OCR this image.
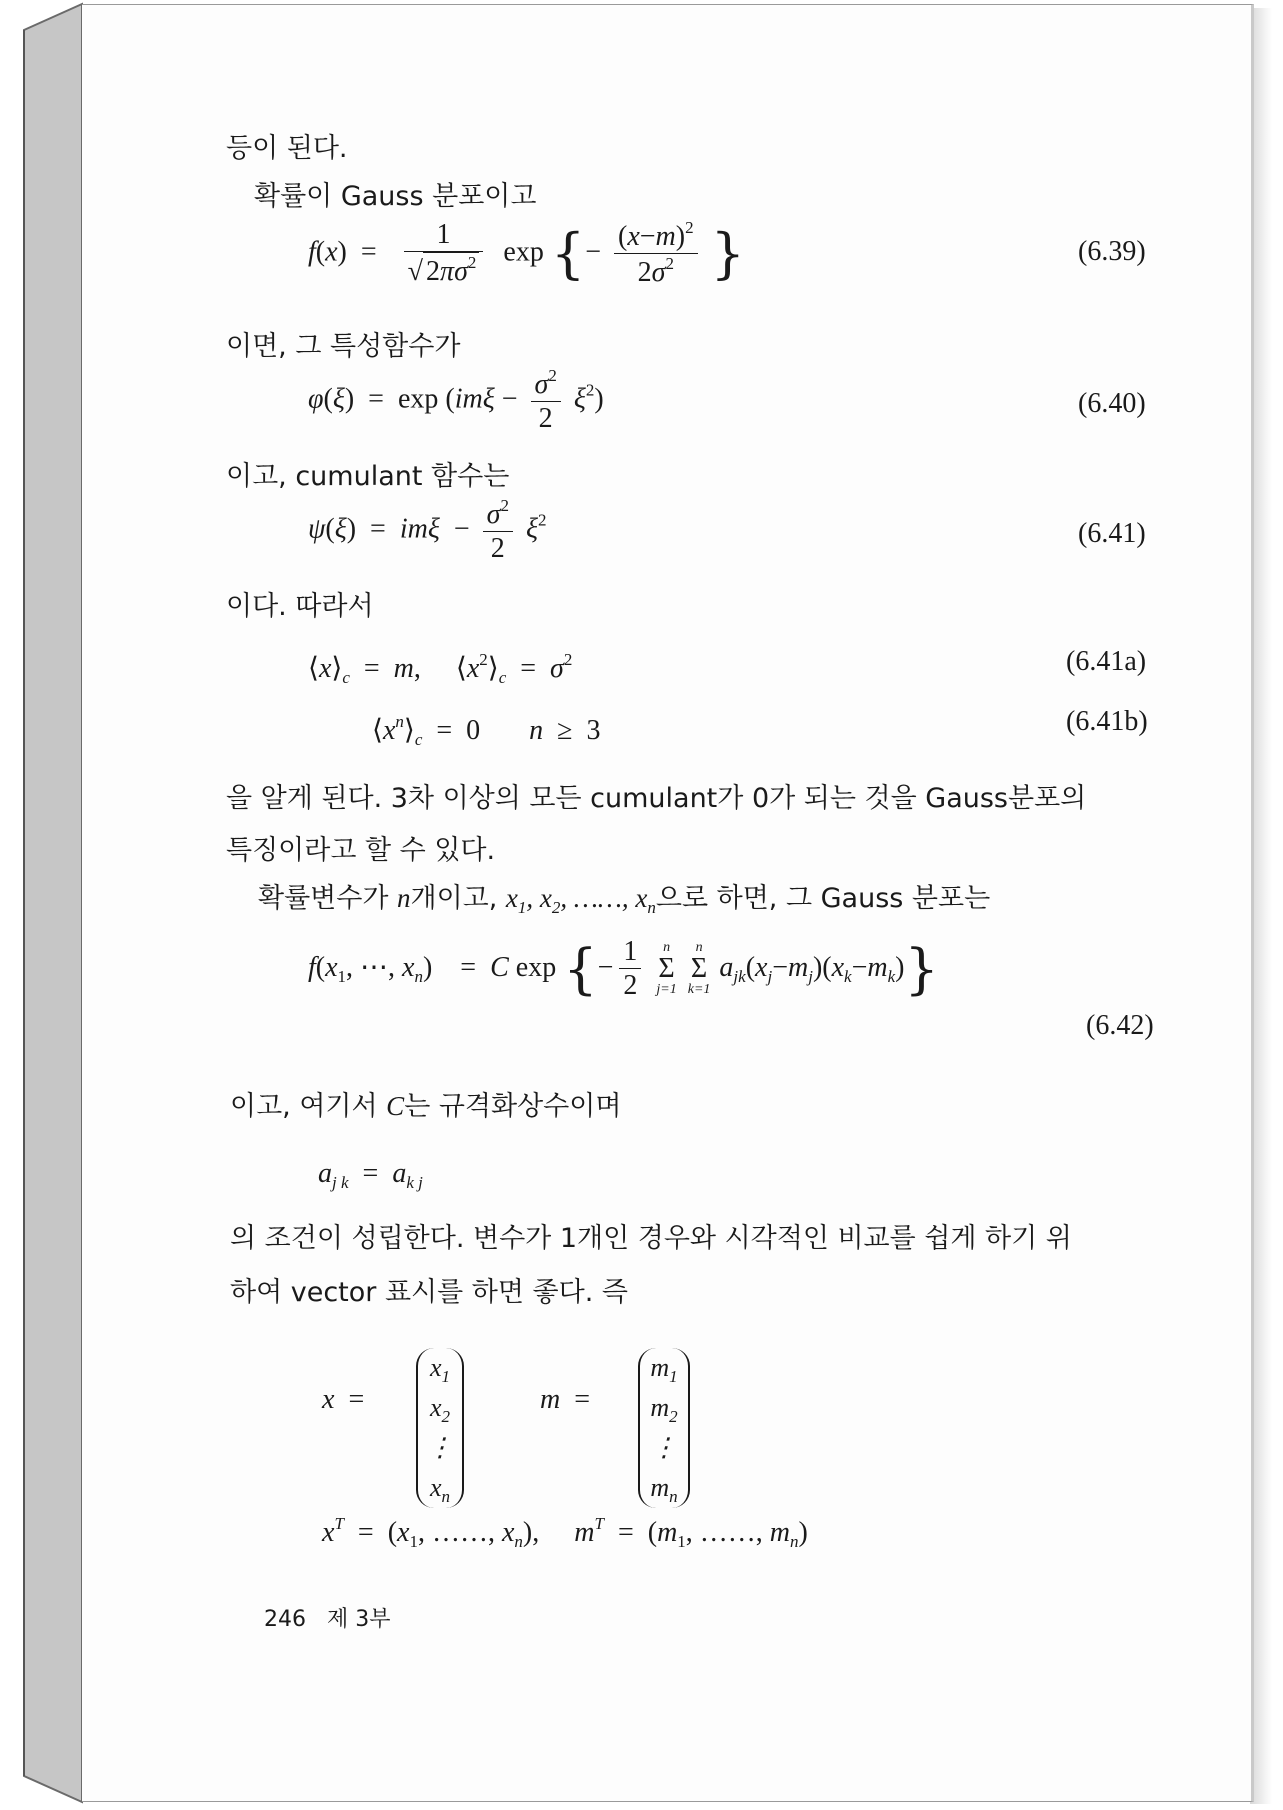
등이 된다.
확률이 Gauss 분포이고
$f(x) = \frac{1}{√ 2\pi\sigma^2}$ exp {− $\frac{(x-m)^2}{2\sigma^2}$ }	(6.39)
이면, 그 특성함수가
$\varphi(\xi) = \exp (im\xi - \frac{\sigma^2}{2} \xi^2)$	(6.40)
이고, cumulant 함수는
$\psi(\xi) = im\xi - \frac{\sigma^2}{2} \xi^2$	(6.41)
이다. 따라서
$⟨x⟩_c = m$,     $⟨x^2⟩_c = \sigma^2$	(6.41a)
$⟨x^n⟩_c = 0$       n  ≥  3	(6.41b)
을 알게 된다. 3차 이상의 모든 cumulant가 0가 되는 것을 Gauss분포의
특징이라고 할 수 있다.
확률변수가 n개이고, $x_1$, $x_2$, ……, $x_n$으로 하면, 그 Gauss 분포는
$f(x_1$, ⋯, $x_n$)    =  C exp {− $\frac{1}{2}$
	n
Σ
j=1

n
Σ
k=1
$a_{jk}(x_j-m_j)(x_k-m_k)$}
(6.42)
이고, 여기서 C는 규격화상수이며
$a_{j k} = a_{k j}$
의 조건이 성립한다. 변수가 1개인 경우와 시각적인 비교를 쉽게 하기 위
하여 vector 표시를 하면 좋다. 즉
x  =
$x_1$
$x_2$
⋮
$x_n$
m  =
$m_1$
$m_2$
⋮
$m_n$
$x^T = (x_1$, ……, $x_n$),     $m^T = (m_1$, ……, $m_n$)
246 제 3부
